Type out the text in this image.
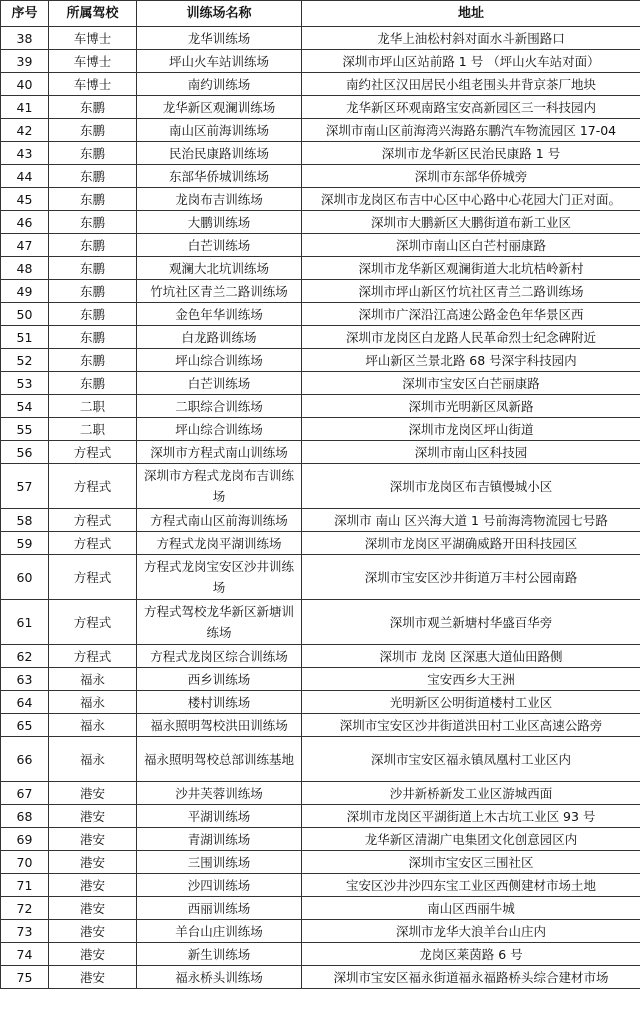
序号	所属驾校	训练场名称	地址
38	车博士	龙华训练场	龙华上油松村斜对面水斗新围路口
39	车博士	坪山火车站训练场	深圳市坪山区站前路 1 号 （坪山火车站对面）
40	车博士	南约训练场	南约社区汉田居民小组老围头井背京茶厂地块
41	东鹏	龙华新区观澜训练场	龙华新区环观南路宝安高新园区三一科技园内
42	东鹏	南山区前海训练场	深圳市南山区前海湾兴海路东鹏汽车物流园区 17-04
43	东鹏	民治民康路训练场	深圳市龙华新区民治民康路 1 号
44	东鹏	东部华侨城训练场	深圳市东部华侨城旁
45	东鹏	龙岗布吉训练场	深圳市龙岗区布吉中心区中心路中心花园大门正对面。
46	东鹏	大鹏训练场	深圳市大鹏新区大鹏街道布新工业区
47	东鹏	白芒训练场	深圳市南山区白芒村丽康路
48	东鹏	观澜大北坑训练场	深圳市龙华新区观澜街道大北坑桔岭新村
49	东鹏	竹坑社区青兰二路训练场	深圳市坪山新区竹坑社区青兰二路训练场
50	东鹏	金色年华训练场	深圳市广深沿江高速公路金色年华景区西
51	东鹏	白龙路训练场	深圳市龙岗区白龙路人民革命烈士纪念碑附近
52	东鹏	坪山综合训练场	坪山新区兰景北路 68 号深宇科技园内
53	东鹏	白芒训练场	深圳市宝安区白芒丽康路
54	二职	二职综合训练场	深圳市光明新区凤新路
55	二职	坪山综合训练场	深圳市龙岗区坪山街道
56	方程式	深圳市方程式南山训练场	深圳市南山区科技园
57	方程式	深圳市方程式龙岗布吉训练场	深圳市龙岗区布吉镇慢城小区
58	方程式	方程式南山区前海训练场	深圳市 南山 区兴海大道 1 号前海湾物流园七号路
59	方程式	方程式龙岗平湖训练场	深圳市龙岗区平湖确威路开田科技园区
60	方程式	方程式龙岗宝安区沙井训练场	深圳市宝安区沙井街道万丰村公园南路
61	方程式	方程式驾校龙华新区新塘训练场	深圳市观兰新塘村华盛百华旁
62	方程式	方程式龙岗区综合训练场	深圳市 龙岗 区深惠大道仙田路侧
63	福永	西乡训练场	宝安西乡大王洲
64	福永	楼村训练场	光明新区公明街道楼村工业区
65	福永	福永照明驾校洪田训练场	深圳市宝安区沙井街道洪田村工业区高速公路旁
66	福永	福永照明驾校总部训练基地	深圳市宝安区福永镇凤凰村工业区内
67	港安	沙井芙蓉训练场	沙井新桥新发工业区游城西面
68	港安	平湖训练场	深圳市龙岗区平湖街道上木古坑工业区 93 号
69	港安	青湖训练场	龙华新区清湖广电集团文化创意园区内
70	港安	三围训练场	深圳市宝安区三围社区
71	港安	沙四训练场	宝安区沙井沙四东宝工业区西侧建材市场土地
72	港安	西丽训练场	南山区西丽牛城
73	港安	羊台山庄训练场	深圳市龙华大浪羊台山庄内
74	港安	新生训练场	龙岗区莱茵路 6 号
75	港安	福永桥头训练场	深圳市宝安区福永街道福永福路桥头综合建材市场
